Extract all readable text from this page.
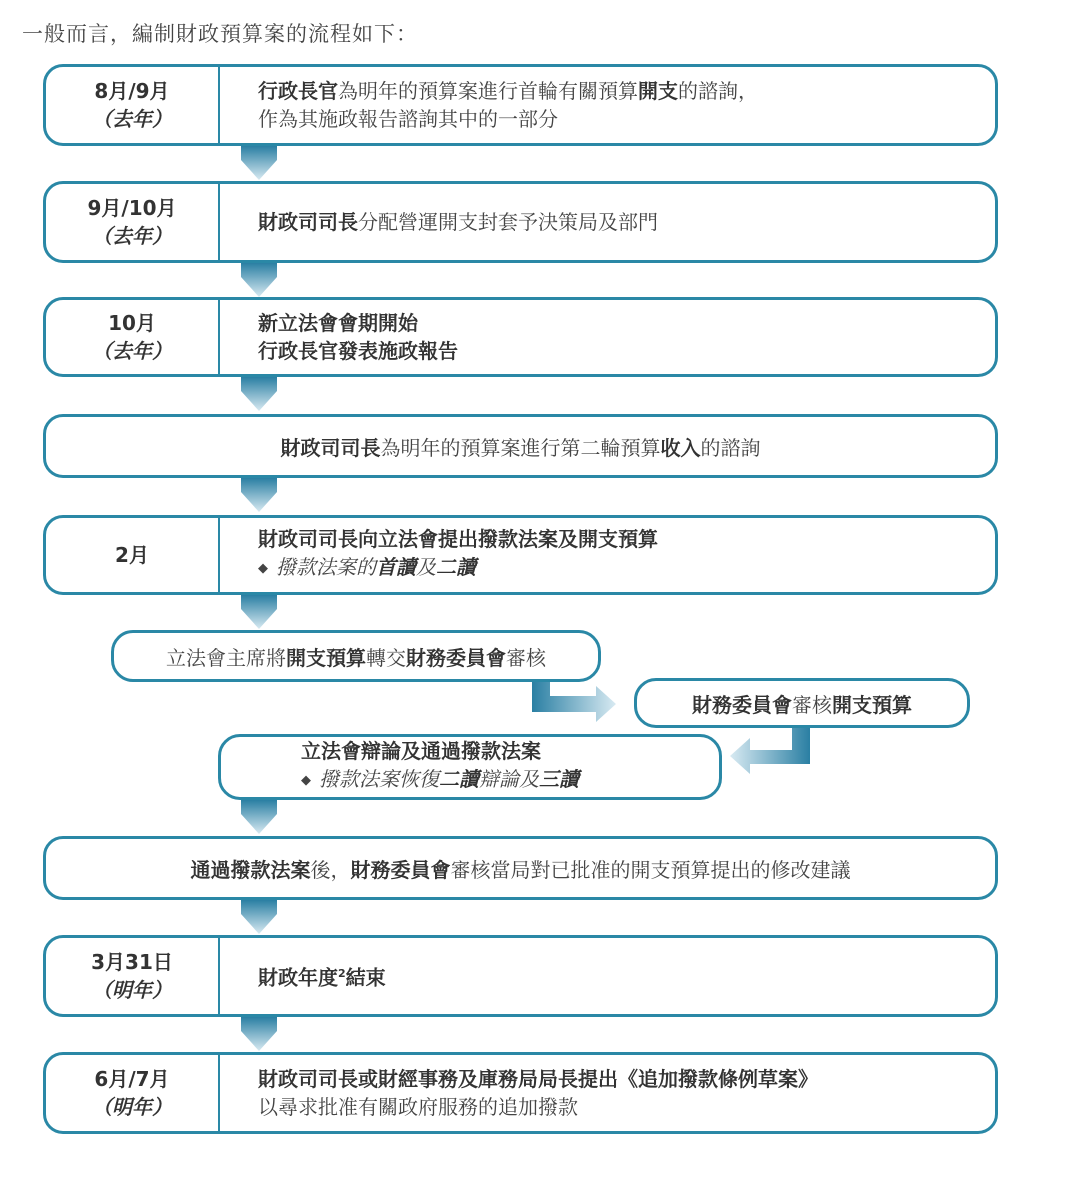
一般而言，編制財政預算案的流程如下：
8月/9月
（去年）
行政長官為明年的預算案進行首輪有關預算開支的諮詢，
作為其施政報告諮詢其中的一部分
9月/10月
（去年）
財政司司長分配營運開支封套予決策局及部門
10月
（去年）
新立法會會期開始
行政長官發表施政報告
財政司司長為明年的預算案進行第二輪預算收入的諮詢
2月
財政司司長向立法會提出撥款法案及開支預算
◆ 撥款法案的首讀及二讀
立法會主席將開支預算轉交財務委員會審核
財務委員會審核開支預算
立法會辯論及通過撥款法案
◆ 撥款法案恢復二讀辯論及三讀
通過撥款法案後，財務委員會審核當局對已批准的開支預算提出的修改建議
3月31日
（明年）
財政年度$^2$結束
6月/7月
（明年）
財政司司長或財經事務及庫務局局長提出《追加撥款條例草案》
以尋求批准有關政府服務的追加撥款
